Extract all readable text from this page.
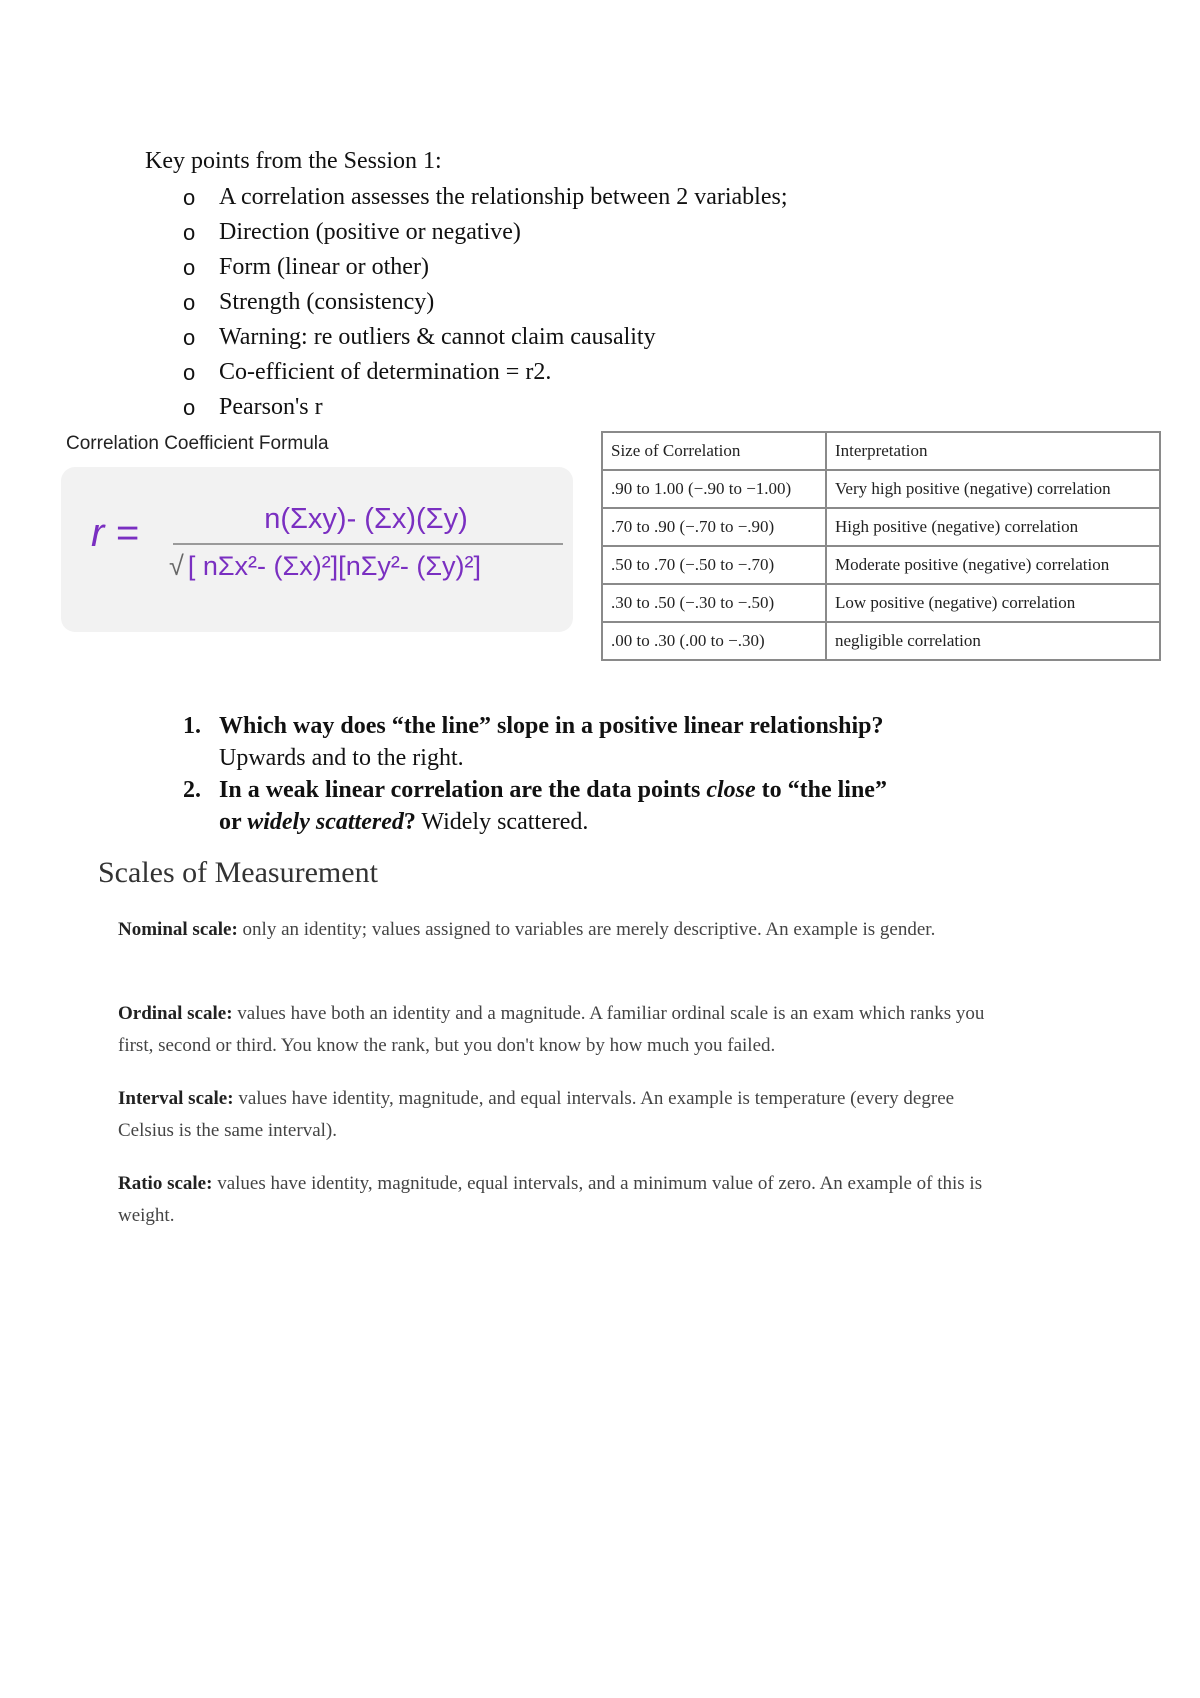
Key points from the Session 1:
o A correlation assesses the relationship between 2 variables;
o Direction (positive or negative)
o Form (linear or other)
o Strength (consistency)
o Warning: re outliers & cannot claim causality
o Co-efficient of determination = r2.
o Pearson's r
Correlation Coefficient Formula
r =	n(Σxy)- (Σx)(Σy)
√ [ nΣx²- (Σx)²][nΣy²- (Σy)²]
Size of Correlation	Interpretation
.90 to 1.00 (−.90 to −1.00)	Very high positive (negative) correlation
.70 to .90 (−.70 to −.90)	High positive (negative) correlation
.50 to .70 (−.50 to −.70)	Moderate positive (negative) correlation
.30 to .50 (−.30 to −.50)	Low positive (negative) correlation
.00 to .30 (.00 to −.30)	negligible correlation
1. Which way does “the line” slope in a positive linear relationship?
Upwards and to the right.
2. In a weak linear correlation are the data points close to “the line”
or widely scattered? Widely scattered.
Scales of Measurement

Nominal scale: only an identity; values assigned to variables are merely descriptive. An example is gender.

Ordinal scale: values have both an identity and a magnitude. A familiar ordinal scale is an exam which ranks you first, second or third. You know the rank, but you don't know by how much you failed.

Interval scale: values have identity, magnitude, and equal intervals. An example is temperature (every degree Celsius is the same interval).

Ratio scale: values have identity, magnitude, equal intervals, and a minimum value of zero. An example of this is weight.
